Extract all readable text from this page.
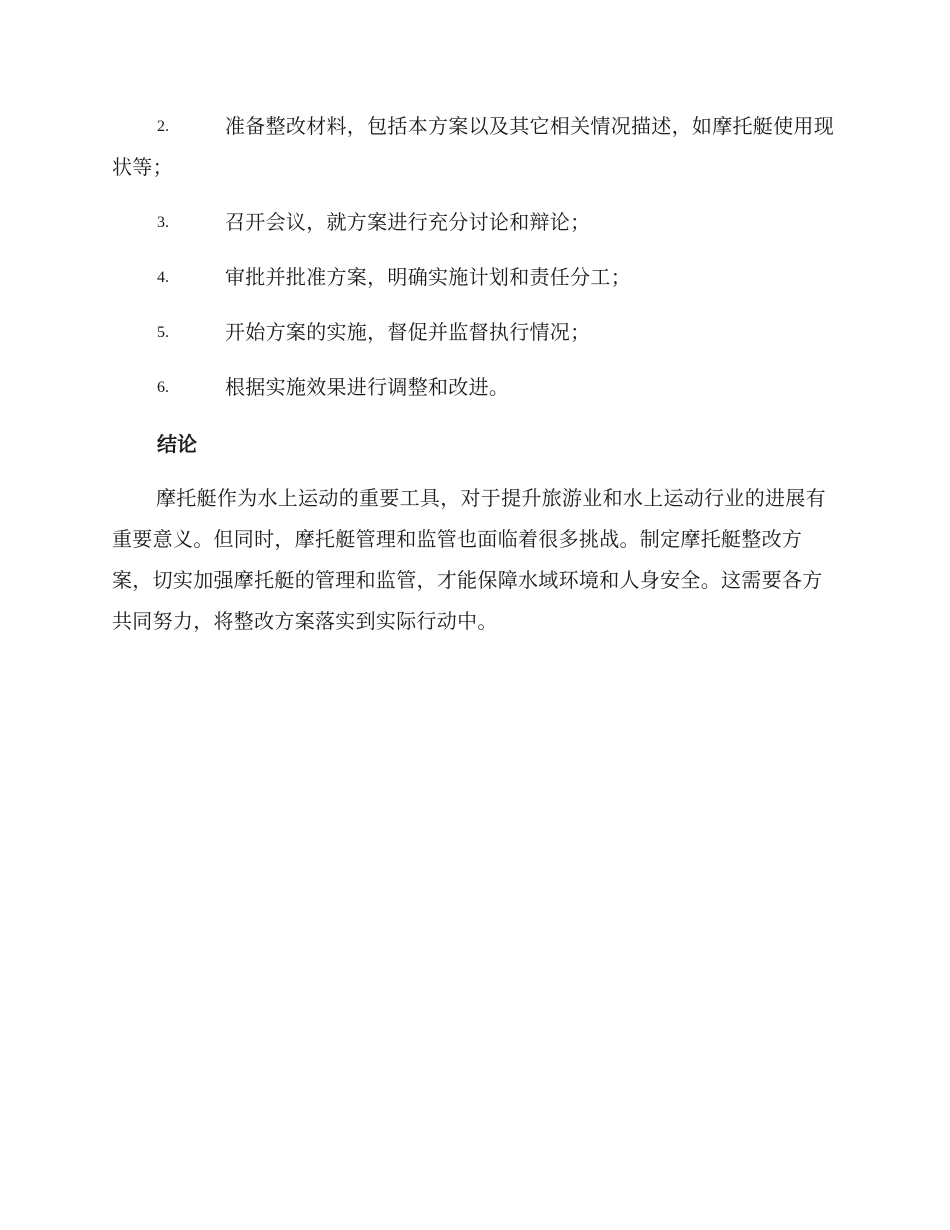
2.	准备整改材料，包括本方案以及其它相关情况描述，如摩托艇使用现状等；
3.	召开会议，就方案进行充分讨论和辩论；
4.	审批并批准方案，明确实施计划和责任分工；
5.	开始方案的实施，督促并监督执行情况；
6.	根据实施效果进行调整和改进。
结论

摩托艇作为水上运动的重要工具，对于提升旅游业和水上运动行业的进展有重要意义。但同时，摩托艇管理和监管也面临着很多挑战。制定摩托艇整改方案，切实加强摩托艇的管理和监管，才能保障水域环境和人身安全。这需要各方共同努力，将整改方案落实到实际行动中。
